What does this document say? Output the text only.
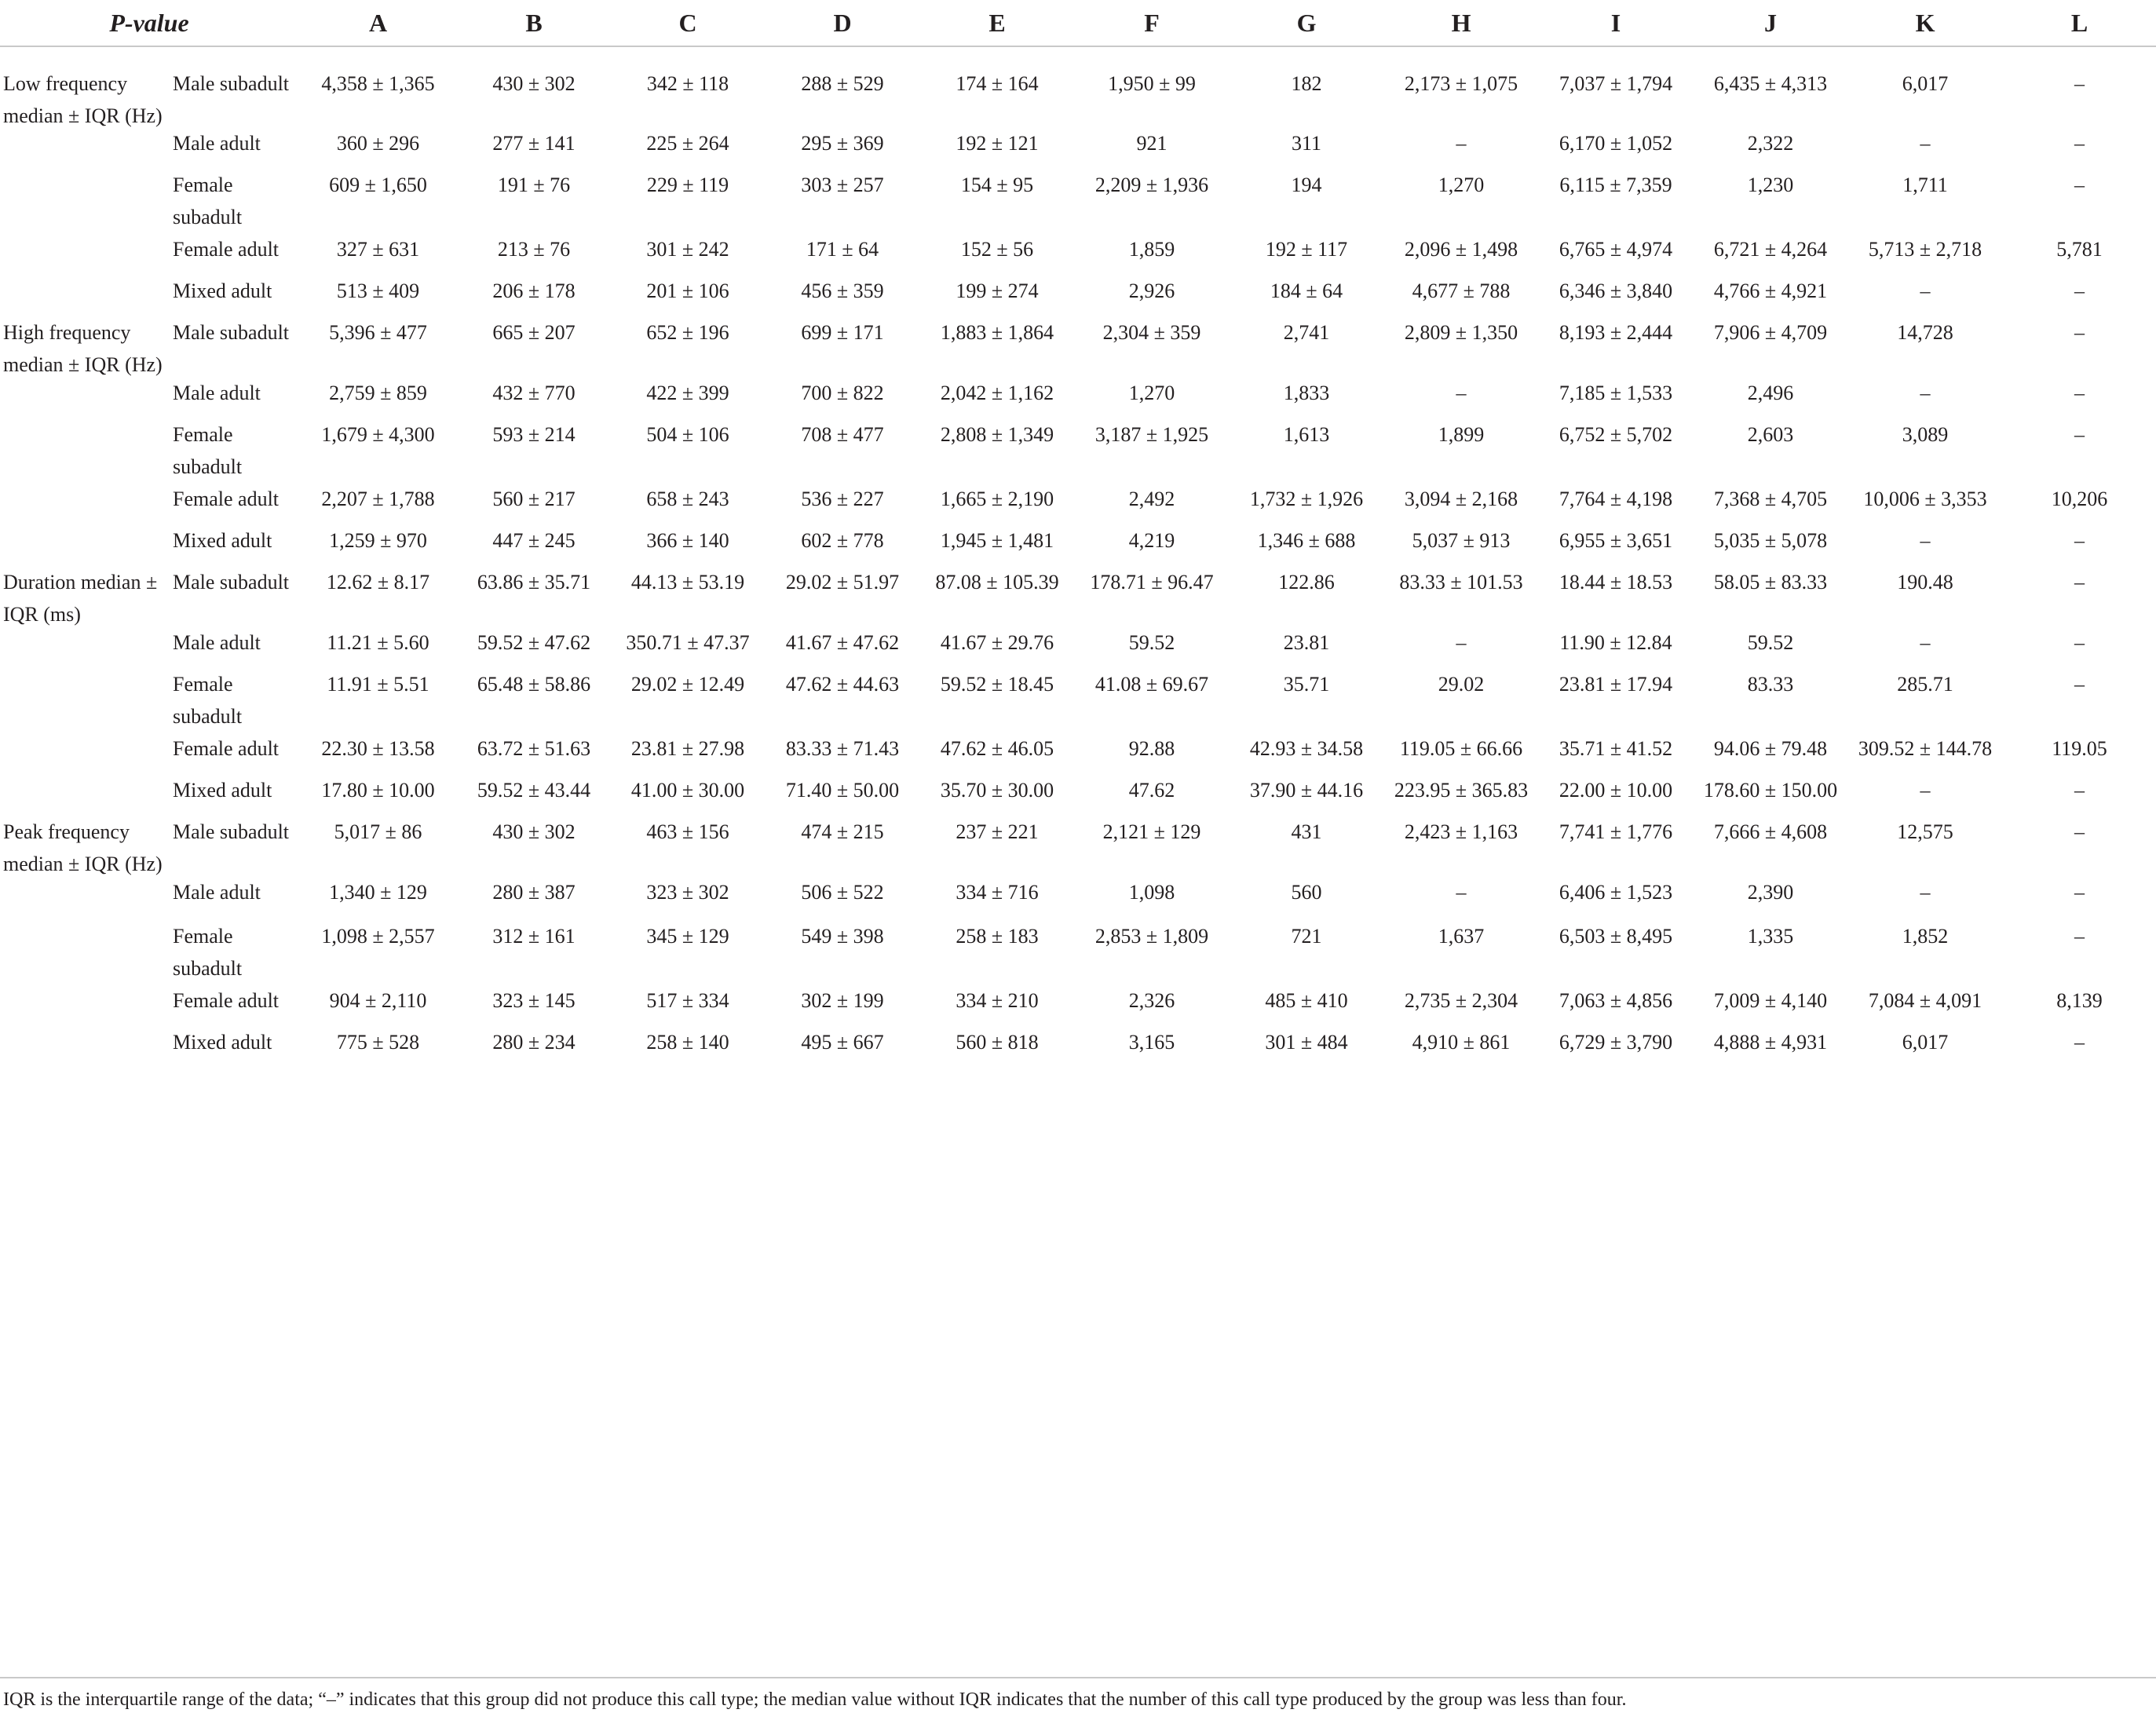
P-value		A	B	C	D	E	F	G	H	I	J	K	L
Low frequency median ± IQR (Hz)	Male subadult	4,358 ± 1,365	430 ± 302	342 ± 118	288 ± 529	174 ± 164	1,950 ± 99	182	2,173 ± 1,075	7,037 ± 1,794	6,435 ± 4,313	6,017	–
	Male adult	360 ± 296	277 ± 141	225 ± 264	295 ± 369	192 ± 121	921	311	–	6,170 ± 1,052	2,322	–	–
	Female subadult	609 ± 1,650	191 ± 76	229 ± 119	303 ± 257	154 ± 95	2,209 ± 1,936	194	1,270	6,115 ± 7,359	1,230	1,711	–
	Female adult	327 ± 631	213 ± 76	301 ± 242	171 ± 64	152 ± 56	1,859	192 ± 117	2,096 ± 1,498	6,765 ± 4,974	6,721 ± 4,264	5,713 ± 2,718	5,781
	Mixed adult	513 ± 409	206 ± 178	201 ± 106	456 ± 359	199 ± 274	2,926	184 ± 64	4,677 ± 788	6,346 ± 3,840	4,766 ± 4,921	–	–
High frequency median ± IQR (Hz)	Male subadult	5,396 ± 477	665 ± 207	652 ± 196	699 ± 171	1,883 ± 1,864	2,304 ± 359	2,741	2,809 ± 1,350	8,193 ± 2,444	7,906 ± 4,709	14,728	–
	Male adult	2,759 ± 859	432 ± 770	422 ± 399	700 ± 822	2,042 ± 1,162	1,270	1,833	–	7,185 ± 1,533	2,496	–	–
	Female subadult	1,679 ± 4,300	593 ± 214	504 ± 106	708 ± 477	2,808 ± 1,349	3,187 ± 1,925	1,613	1,899	6,752 ± 5,702	2,603	3,089	–
	Female adult	2,207 ± 1,788	560 ± 217	658 ± 243	536 ± 227	1,665 ± 2,190	2,492	1,732 ± 1,926	3,094 ± 2,168	7,764 ± 4,198	7,368 ± 4,705	10,006 ± 3,353	10,206
	Mixed adult	1,259 ± 970	447 ± 245	366 ± 140	602 ± 778	1,945 ± 1,481	4,219	1,346 ± 688	5,037 ± 913	6,955 ± 3,651	5,035 ± 5,078	–	–
Duration median ± IQR (ms)	Male subadult	12.62 ± 8.17	63.86 ± 35.71	44.13 ± 53.19	29.02 ± 51.97	87.08 ± 105.39	178.71 ± 96.47	122.86	83.33 ± 101.53	18.44 ± 18.53	58.05 ± 83.33	190.48	–
	Male adult	11.21 ± 5.60	59.52 ± 47.62	350.71 ± 47.37	41.67 ± 47.62	41.67 ± 29.76	59.52	23.81	–	11.90 ± 12.84	59.52	–	–
	Female subadult	11.91 ± 5.51	65.48 ± 58.86	29.02 ± 12.49	47.62 ± 44.63	59.52 ± 18.45	41.08 ± 69.67	35.71	29.02	23.81 ± 17.94	83.33	285.71	–
	Female adult	22.30 ± 13.58	63.72 ± 51.63	23.81 ± 27.98	83.33 ± 71.43	47.62 ± 46.05	92.88	42.93 ± 34.58	119.05 ± 66.66	35.71 ± 41.52	94.06 ± 79.48	309.52 ± 144.78	119.05
	Mixed adult	17.80 ± 10.00	59.52 ± 43.44	41.00 ± 30.00	71.40 ± 50.00	35.70 ± 30.00	47.62	37.90 ± 44.16	223.95 ± 365.83	22.00 ± 10.00	178.60 ± 150.00	–	–
Peak frequency median ± IQR (Hz)	Male subadult	5,017 ± 86	430 ± 302	463 ± 156	474 ± 215	237 ± 221	2,121 ± 129	431	2,423 ± 1,163	7,741 ± 1,776	7,666 ± 4,608	12,575	–
	Male adult	1,340 ± 129	280 ± 387	323 ± 302	506 ± 522	334 ± 716	1,098	560	–	6,406 ± 1,523	2,390	–	–
	Female subadult	1,098 ± 2,557	312 ± 161	345 ± 129	549 ± 398	258 ± 183	2,853 ± 1,809	721	1,637	6,503 ± 8,495	1,335	1,852	–
	Female adult	904 ± 2,110	323 ± 145	517 ± 334	302 ± 199	334 ± 210	2,326	485 ± 410	2,735 ± 2,304	7,063 ± 4,856	7,009 ± 4,140	7,084 ± 4,091	8,139
	Mixed adult	775 ± 528	280 ± 234	258 ± 140	495 ± 667	560 ± 818	3,165	301 ± 484	4,910 ± 861	6,729 ± 3,790	4,888 ± 4,931	6,017	–
IQR is the interquartile range of the data; “–” indicates that this group did not produce this call type; the median value without IQR indicates that the number of this call type produced by the group was less than four.
